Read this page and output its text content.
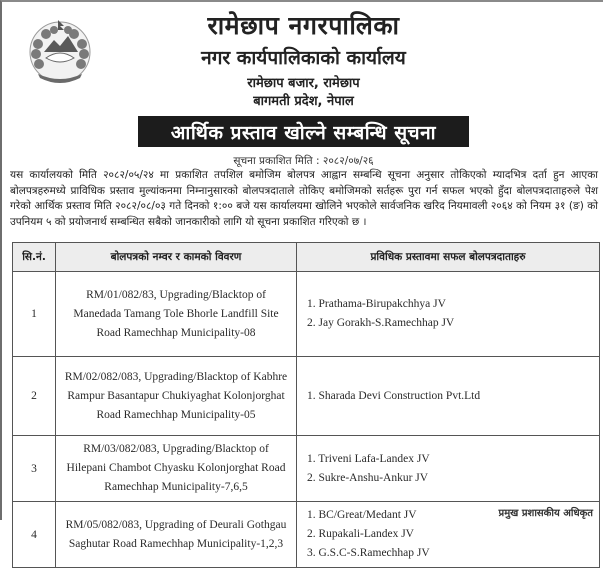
रामेछाप नगरपालिका
नगर कार्यपालिकाको कार्यालय
रामेछाप बजार, रामेछाप
बागमती प्रदेश, नेपाल
आर्थिक प्रस्ताव खोल्ने सम्बन्धि सूचना
सूचना प्रकाशित मिति : २०८२/०७/२६
यस कार्यालयको मिति २०८२/०५/२४ मा प्रकाशित तपशिल बमोजिम बोलपत्र आह्वान सम्बन्धि सूचना अनुसार तोकिएको म्यादभित्र दर्ता हुन आएका बोलपत्रहरुमध्ये प्राविधिक प्रस्ताव मुल्यांकनमा निम्नानुसारको बोलपत्रदाताले तोकिए बमोजिमको सर्तहरू पुरा गर्न सफल भएको हुँदा बोलपत्रदाताहरुले पेश गरेको आर्थिक प्रस्ताव मिति २०८२/०८/०३ गते दिनको १:०० बजे यस कार्यालयमा खोलिने भएकोले सार्वजनिक खरिद नियमावली २०६४ को नियम ३१ (ङ) को उपनियम ५ को प्रयोजनार्थ सम्बन्धित सबैको जानकारीको लागि यो सूचना प्रकाशित गरिएको छ ।
सि.नं.	बोलपत्रको नम्वर र कामको विवरण	प्रविधिक प्रस्तावमा सफल बोलपत्रदाताहरु
1	RM/01/082/83, Upgrading/Blacktop of Manedada Tamang Tole Bhorle Landfill Site Road Ramechhap Municipality-08	1. Prathama-Birupakchhya JV
2. Jay Gorakh-S.Ramechhap JV

2	RM/02/082/083, Upgrading/Blacktop of Kabhre Rampur Basantapur Chukiyaghat Kolonjorghat Road Ramechhap Municipality-05	1. Sharada Devi Construction Pvt.Ltd

3	RM/03/082/083, Upgrading/Blacktop of Hilepani Chambot Chyasku Kolonjorghat Road Ramechhap Municipality-7,6,5	1. Triveni Lafa-Landex JV
2. Sukre-Anshu-Ankur JV

4	RM/05/082/083, Upgrading of Deurali Gothgau Saghutar Road Ramechhap Municipality-1,2,3	1. BC/Great/Medant JV
2. Rupakali-Landex JV
3. G.S.C-S.Ramechhap JV
प्रमुख प्रशासकीय अधिकृत
